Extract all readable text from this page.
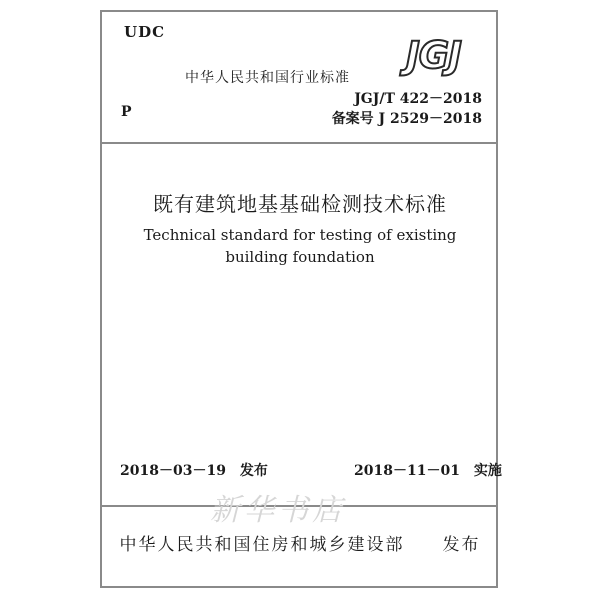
UDC
中华人民共和国行业标准
JGJ
JGJ/T 422－2018
P	备案号 J 2529－2018
既有建筑地基基础检测技术标准
Technical standard for testing of existing
building foundation
2018－03－19　发布	2018－11－01　实施
新华书店
中华人民共和国住房和城乡建设部　　发布
